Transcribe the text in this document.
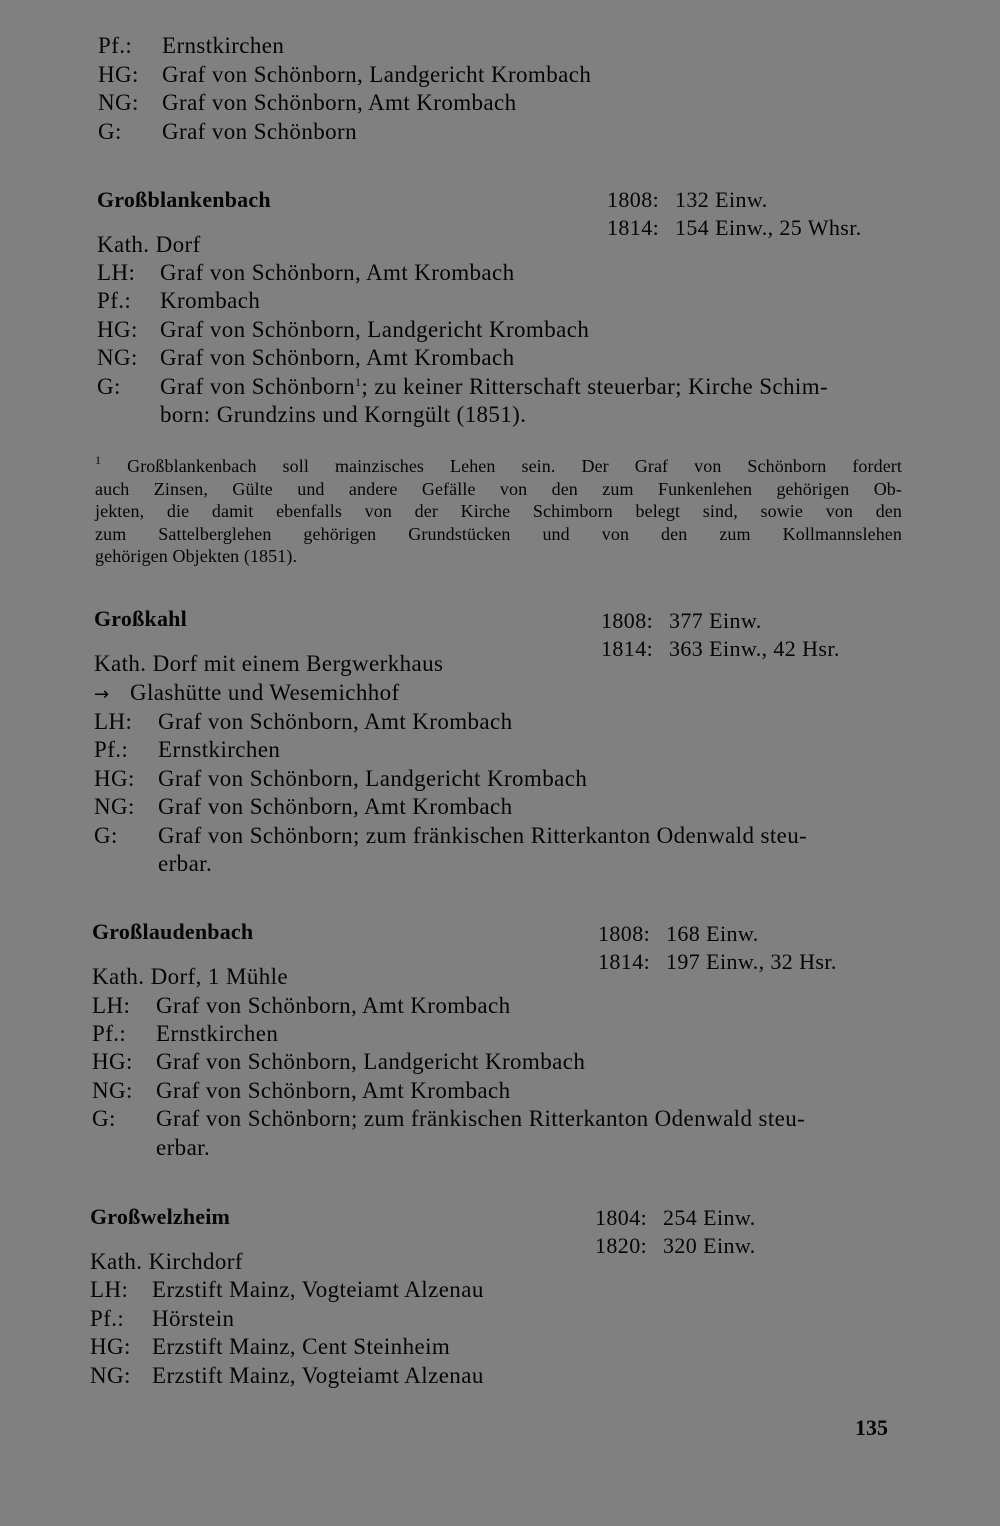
Pf.: Ernstkirchen
HG: Graf von Schönborn, Landgericht Krombach
NG: Graf von Schönborn, Amt Krombach
G: Graf von Schönborn
Großblankenbach	1808: 132 Einw.
1814: 154 Einw., 25 Whsr.
Kath. Dorf
LH: Graf von Schönborn, Amt Krombach
Pf.: Krombach
HG: Graf von Schönborn, Landgericht Krombach
NG: Graf von Schönborn, Amt Krombach
G: Graf von Schönborn$^1$; zu keiner Ritterschaft steuerbar; Kirche Schim-
born: Grundzins und Korngült (1851).
$^1$ Großblankenbach soll mainzisches Lehen sein. Der Graf von Schönborn fordert
auch Zinsen, Gülte und andere Gefälle von den zum Funkenlehen gehörigen Ob-
jekten, die damit ebenfalls von der Kirche Schimborn belegt sind, sowie von den
zum Sattelberglehen gehörigen Grundstücken und von den zum Kollmannslehen
gehörigen Objekten (1851).
Großkahl	1808: 377 Einw.
1814: 363 Einw., 42 Hsr.
Kath. Dorf mit einem Bergwerkhaus
→ Glashütte und Wesemichhof
LH: Graf von Schönborn, Amt Krombach
Pf.: Ernstkirchen
HG: Graf von Schönborn, Landgericht Krombach
NG: Graf von Schönborn, Amt Krombach
G: Graf von Schönborn; zum fränkischen Ritterkanton Odenwald steu-
erbar.
Großlaudenbach	1808: 168 Einw.
1814: 197 Einw., 32 Hsr.
Kath. Dorf, 1 Mühle
LH: Graf von Schönborn, Amt Krombach
Pf.: Ernstkirchen
HG: Graf von Schönborn, Landgericht Krombach
NG: Graf von Schönborn, Amt Krombach
G: Graf von Schönborn; zum fränkischen Ritterkanton Odenwald steu-
erbar.
Großwelzheim	1804: 254 Einw.
1820: 320 Einw.
Kath. Kirchdorf
LH: Erzstift Mainz, Vogteiamt Alzenau
Pf.: Hörstein
HG: Erzstift Mainz, Cent Steinheim
NG: Erzstift Mainz, Vogteiamt Alzenau
135
